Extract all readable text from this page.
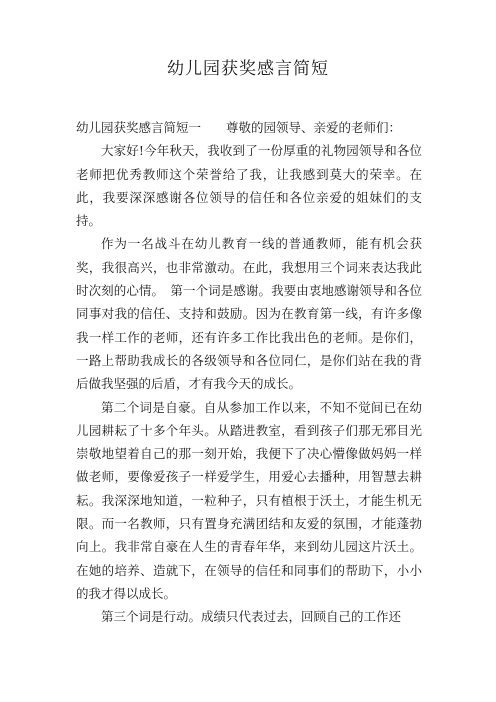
幼儿园获奖感言简短

幼儿园获奖感言简短一　　尊敬的园领导、亲爱的老师们：

大家好!今年秋天，我收到了一份厚重的礼物园领导和各位老师把优秀教师这个荣誉给了我，让我感到莫大的荣幸。在此，我要深深感谢各位领导的信任和各位亲爱的姐妹们的支持。

作为一名战斗在幼儿教育一线的普通教师，能有机会获奖，我很高兴，也非常激动。在此，我想用三个词来表达我此时次刻的心情。　第一个词是感谢。我要由衷地感谢领导和各位同事对我的信任、支持和鼓励。因为在教育第一线，有许多像我一样工作的老师，还有许多工作比我出色的老师。是你们，一路上帮助我成长的各级领导和各位同仁，是你们站在我的背后做我坚强的后盾，才有我今天的成长。

第二个词是自豪。自从参加工作以来，不知不觉间已在幼儿园耕耘了十多个年头。从踏进教室，看到孩子们那无邪目光崇敬地望着自己的那一刻开始，我便下了决心懵像做妈妈一样做老师，要像爱孩子一样爱学生，用爱心去播种，用智慧去耕耘。我深深地知道，一粒种子，只有植根于沃土，才能生机无限。而一名教师，只有置身充满团结和友爱的氛围，才能蓬勃向上。我非常自豪在人生的青春年华，来到幼儿园这片沃土。在她的培养、造就下，在领导的信任和同事们的帮助下，小小的我才得以成长。

第三个词是行动。成绩只代表过去，回顾自己的工作还
